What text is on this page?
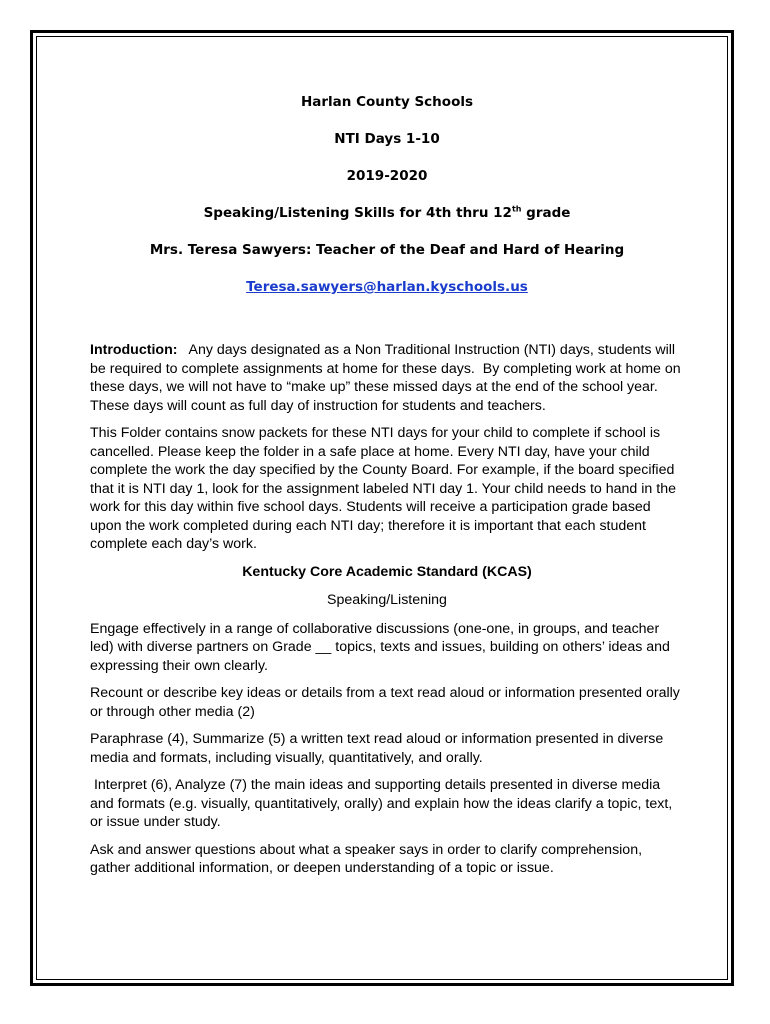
Harlan County Schools
NTI Days 1-10
2019-2020
Speaking/Listening Skills for 4th thru 12th grade
Mrs. Teresa Sawyers: Teacher of the Deaf and Hard of Hearing
Teresa.sawyers@harlan.kyschools.us

Introduction:   Any days designated as a Non Traditional Instruction (NTI) days, students will be required to complete assignments at home for these days.  By completing work at home on these days, we will not have to “make up” these missed days at the end of the school year.  These days will count as full day of instruction for students and teachers.

This Folder contains snow packets for these NTI days for your child to complete if school is cancelled. Please keep the folder in a safe place at home. Every NTI day, have your child complete the work the day specified by the County Board. For example, if the board specified that it is NTI day 1, look for the assignment labeled NTI day 1. Your child needs to hand in the work for this day within five school days. Students will receive a participation grade based upon the work completed during each NTI day; therefore it is important that each student complete each day’s work.

Kentucky Core Academic Standard (KCAS)
Speaking/Listening

Engage effectively in a range of collaborative discussions (one-one, in groups, and teacher led) with diverse partners on Grade __ topics, texts and issues, building on others’ ideas and expressing their own clearly.

Recount or describe key ideas or details from a text read aloud or information presented orally or through other media (2)

Paraphrase (4), Summarize (5) a written text read aloud or information presented in diverse media and formats, including visually, quantitatively, and orally.

Interpret (6), Analyze (7) the main ideas and supporting details presented in diverse media and formats (e.g. visually, quantitatively, orally) and explain how the ideas clarify a topic, text, or issue under study.

Ask and answer questions about what a speaker says in order to clarify comprehension, gather additional information, or deepen understanding of a topic or issue.
